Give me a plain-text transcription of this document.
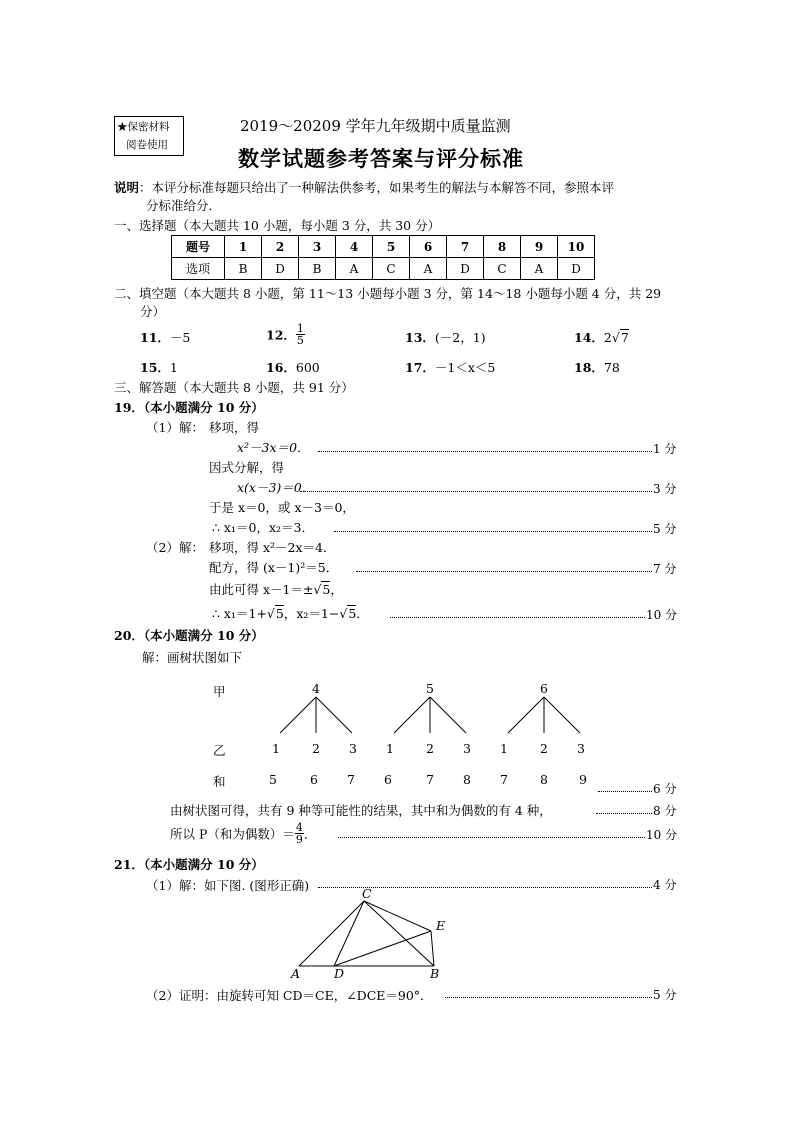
★保密材料
阅卷使用
2019～20209 学年九年级期中质量监测
数学试题参考答案与评分标准
说明：本评分标准每题只给出了一种解法供参考，如果考生的解法与本解答不同，参照本评
分标准给分．
一、选择题（本大题共 10 小题，每小题 3 分，共 30 分）
题号	1	2	3	4	5	6	7	8	9	10
选项	B	D	B	A	C	A	D	C	A	D
二、填空题（本大题共 8 小题，第 11～13 小题每小题 3 分，第 14～18 小题每小题 4 分，共 29
分）
11．－5	12． $\frac{1}{5}$	13．(－2，1)	14．2√7
15．1	16．600	17．－1＜x＜5	18．78
三、解答题（本大题共 8 小题，共 91 分）
19．（本小题满分 10 分）
（1）解： 移项，得
x²－3x＝0．	1 分
因式分解，得
x(x－3)＝0．	3 分
于是 x＝0，或 x－3＝0，
∴ x₁＝0，x₂＝3．	5 分
（2）解： 移项，得 x²－2x＝4．
配方，得 (x－1)²＝5．	7 分
由此可得 x－1＝±√5，
∴ x₁＝1+√5，x₂＝1−√5．	10 分
20．（本小题满分 10 分）
解：画树状图如下
甲
乙
和
4	5	6
1	2 3 1	2 3 1	2 3
5	6 7 6	7 8 7	8 9
6 分
由树状图可得，共有 9 种等可能性的结果，其中和为偶数的有 4 种，	8 分
所以 P（和为偶数）＝ $\frac{4}{9}$ ．	10 分
21．（本小题满分 10 分）
（1）解：如下图. (图形正确)	4 分
C
E
A	D	B
（2）证明：由旋转可知 CD＝CE，∠DCE＝90°．	5 分
